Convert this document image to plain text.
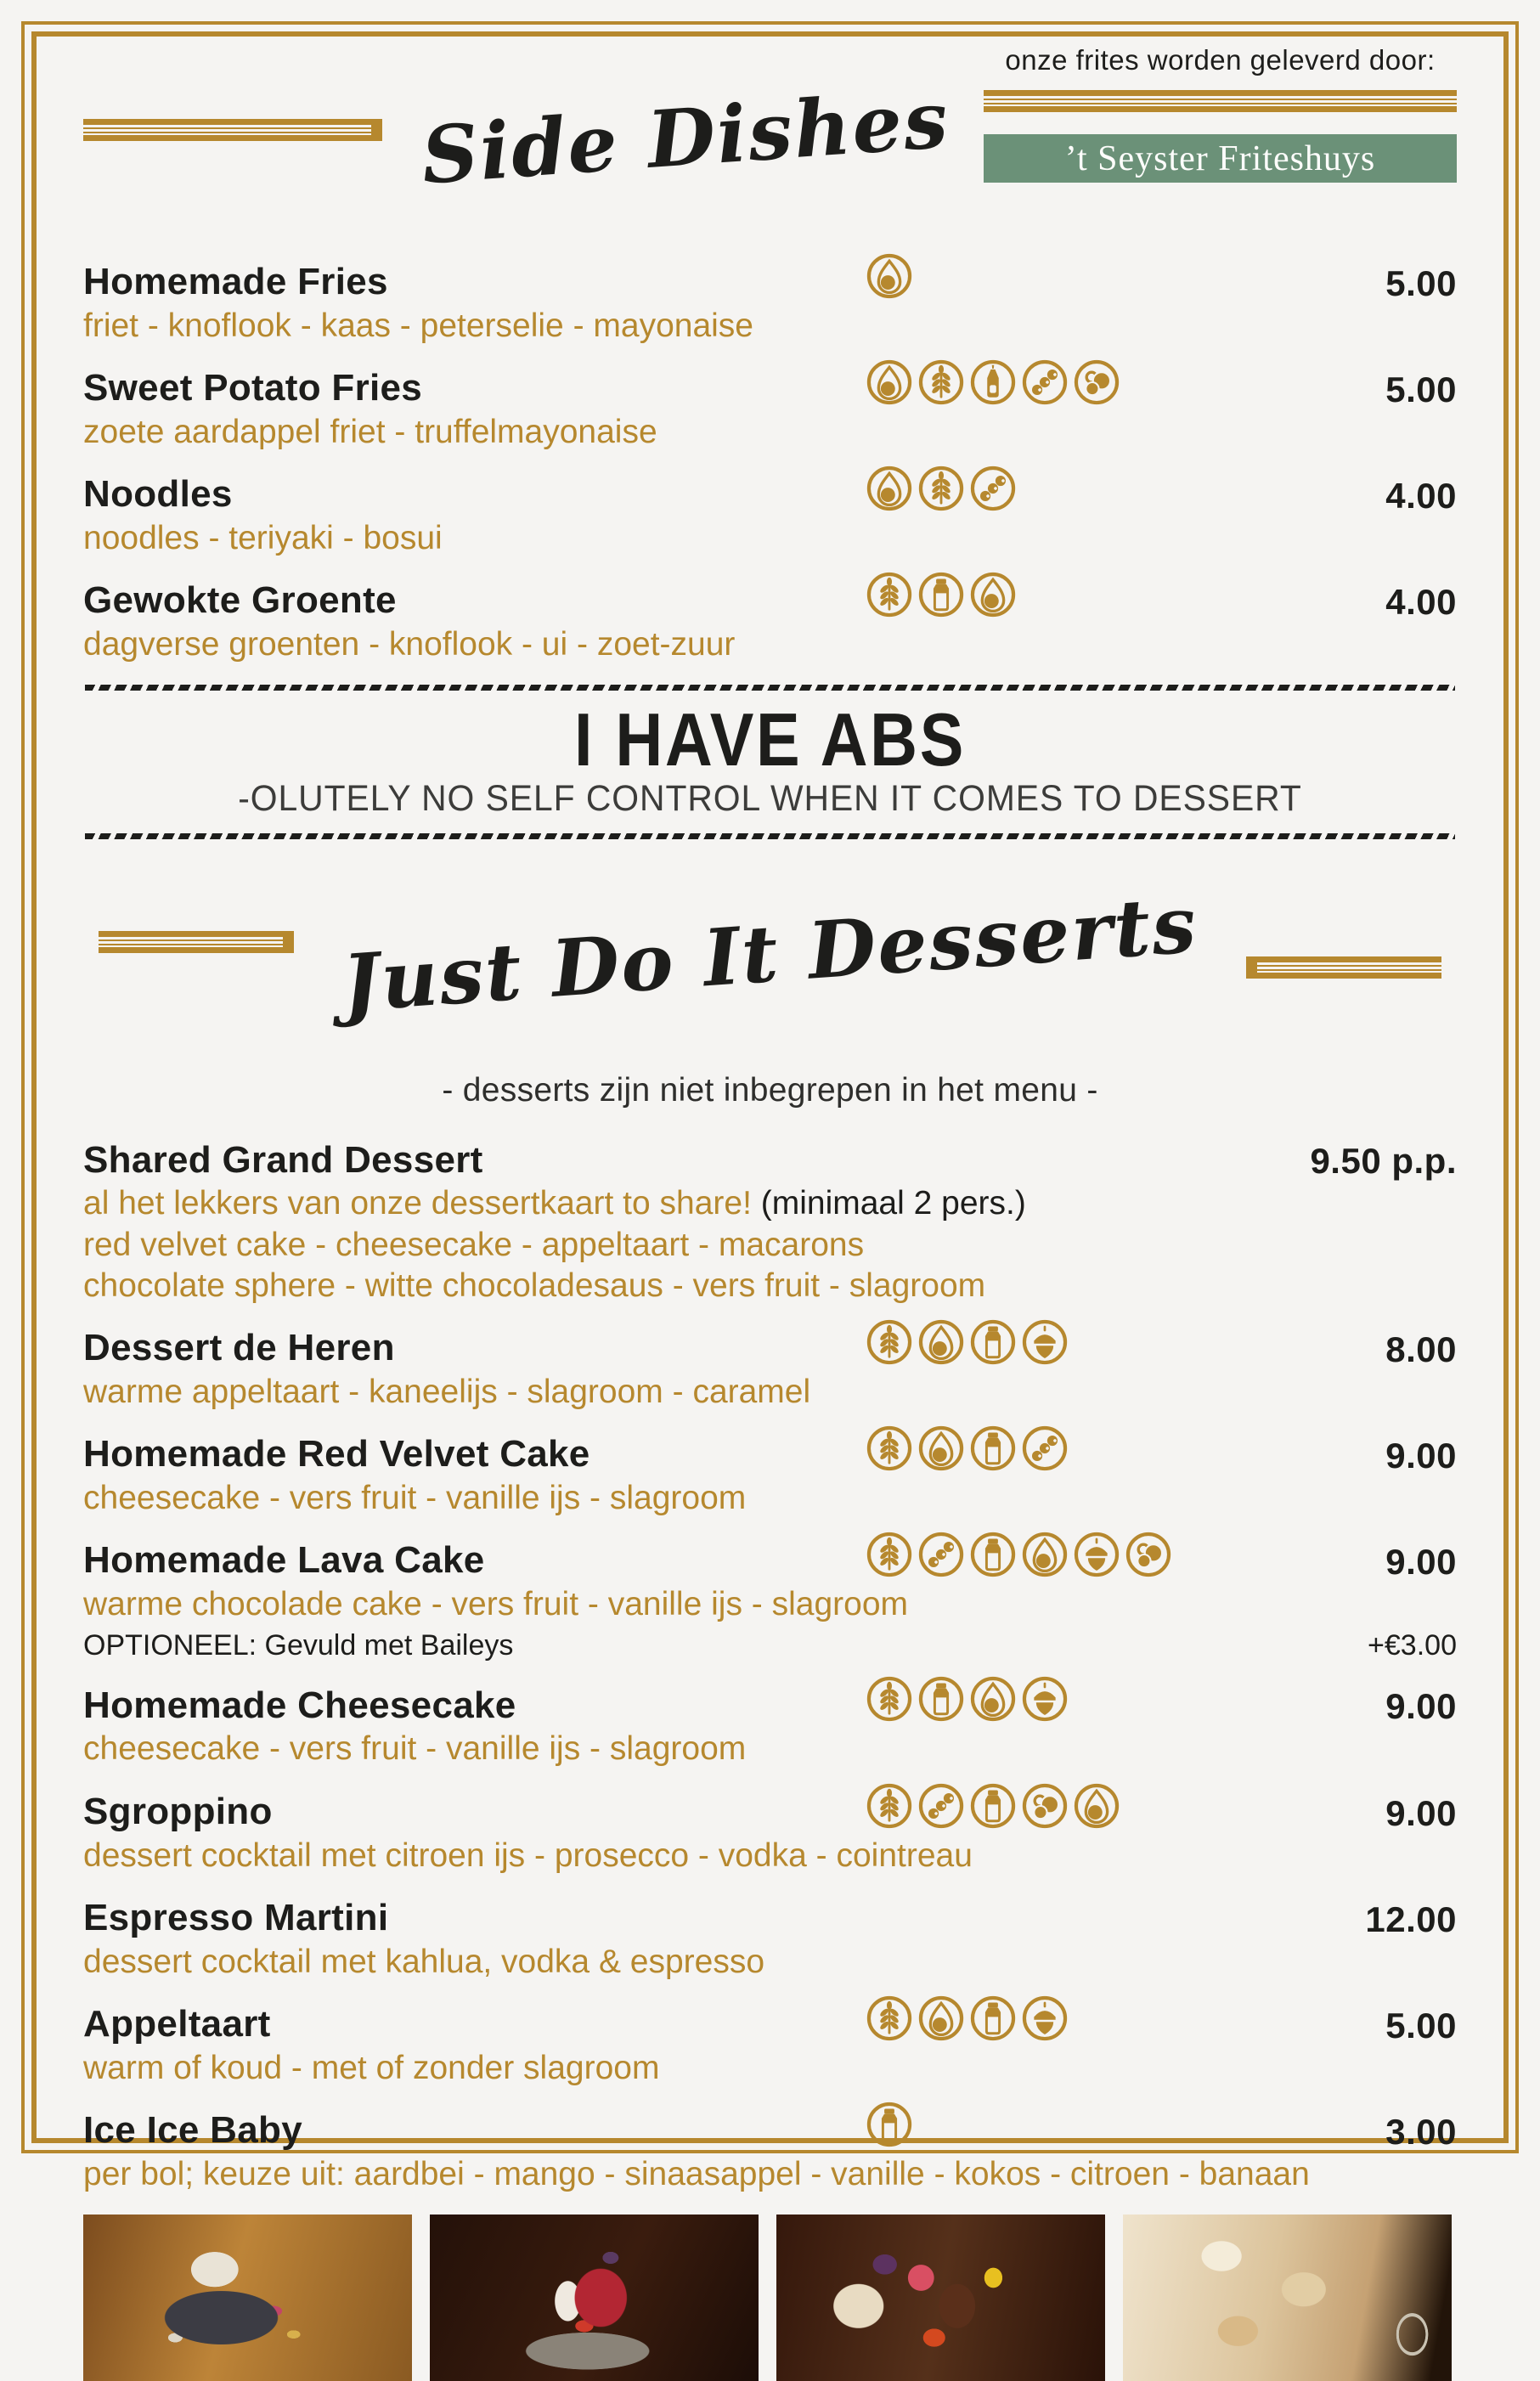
Side Dishes
onze frites worden geleverd door:
’t Seyster Friteshuys
Homemade Fries	5.00

friet - knoflook - kaas - peterselie - mayonaise

Sweet Potato Fries	5.00

zoete aardappel friet - truffelmayonaise

Noodles	4.00

noodles - teriyaki - bosui

Gewokte Groente	4.00

dagverse groenten - knoflook - ui - zoet-zuur

I HAVE ABS
-OLUTELY NO SELF CONTROL WHEN IT COMES TO DESSERT
Just Do It Desserts
- desserts zijn niet inbegrepen in het menu -
Shared Grand Dessert	9.50 p.p.

al het lekkers van onze dessertkaart to share! (minimaal 2 pers.)

red velvet cake - cheesecake - appeltaart - macarons

chocolate sphere - witte chocoladesaus - vers fruit - slagroom

Dessert de Heren	8.00

warme appeltaart - kaneelijs - slagroom - caramel

Homemade Red Velvet Cake	9.00

cheesecake - vers fruit - vanille ijs - slagroom

Homemade Lava Cake	9.00

warme chocolade cake - vers fruit - vanille ijs - slagroom

OPTIONEEL: Gevuld met Baileys	+€3.00
Homemade Cheesecake	9.00

cheesecake - vers fruit - vanille ijs - slagroom

Sgroppino	9.00

dessert cocktail met citroen ijs - prosecco - vodka - cointreau

Espresso Martini	12.00

dessert cocktail met kahlua, vodka & espresso

Appeltaart	5.00

warm of koud - met of zonder slagroom

Ice Ice Baby	3.00

per bol; keuze uit: aardbei - mango - sinaasappel - vanille - kokos - citroen - banaan
